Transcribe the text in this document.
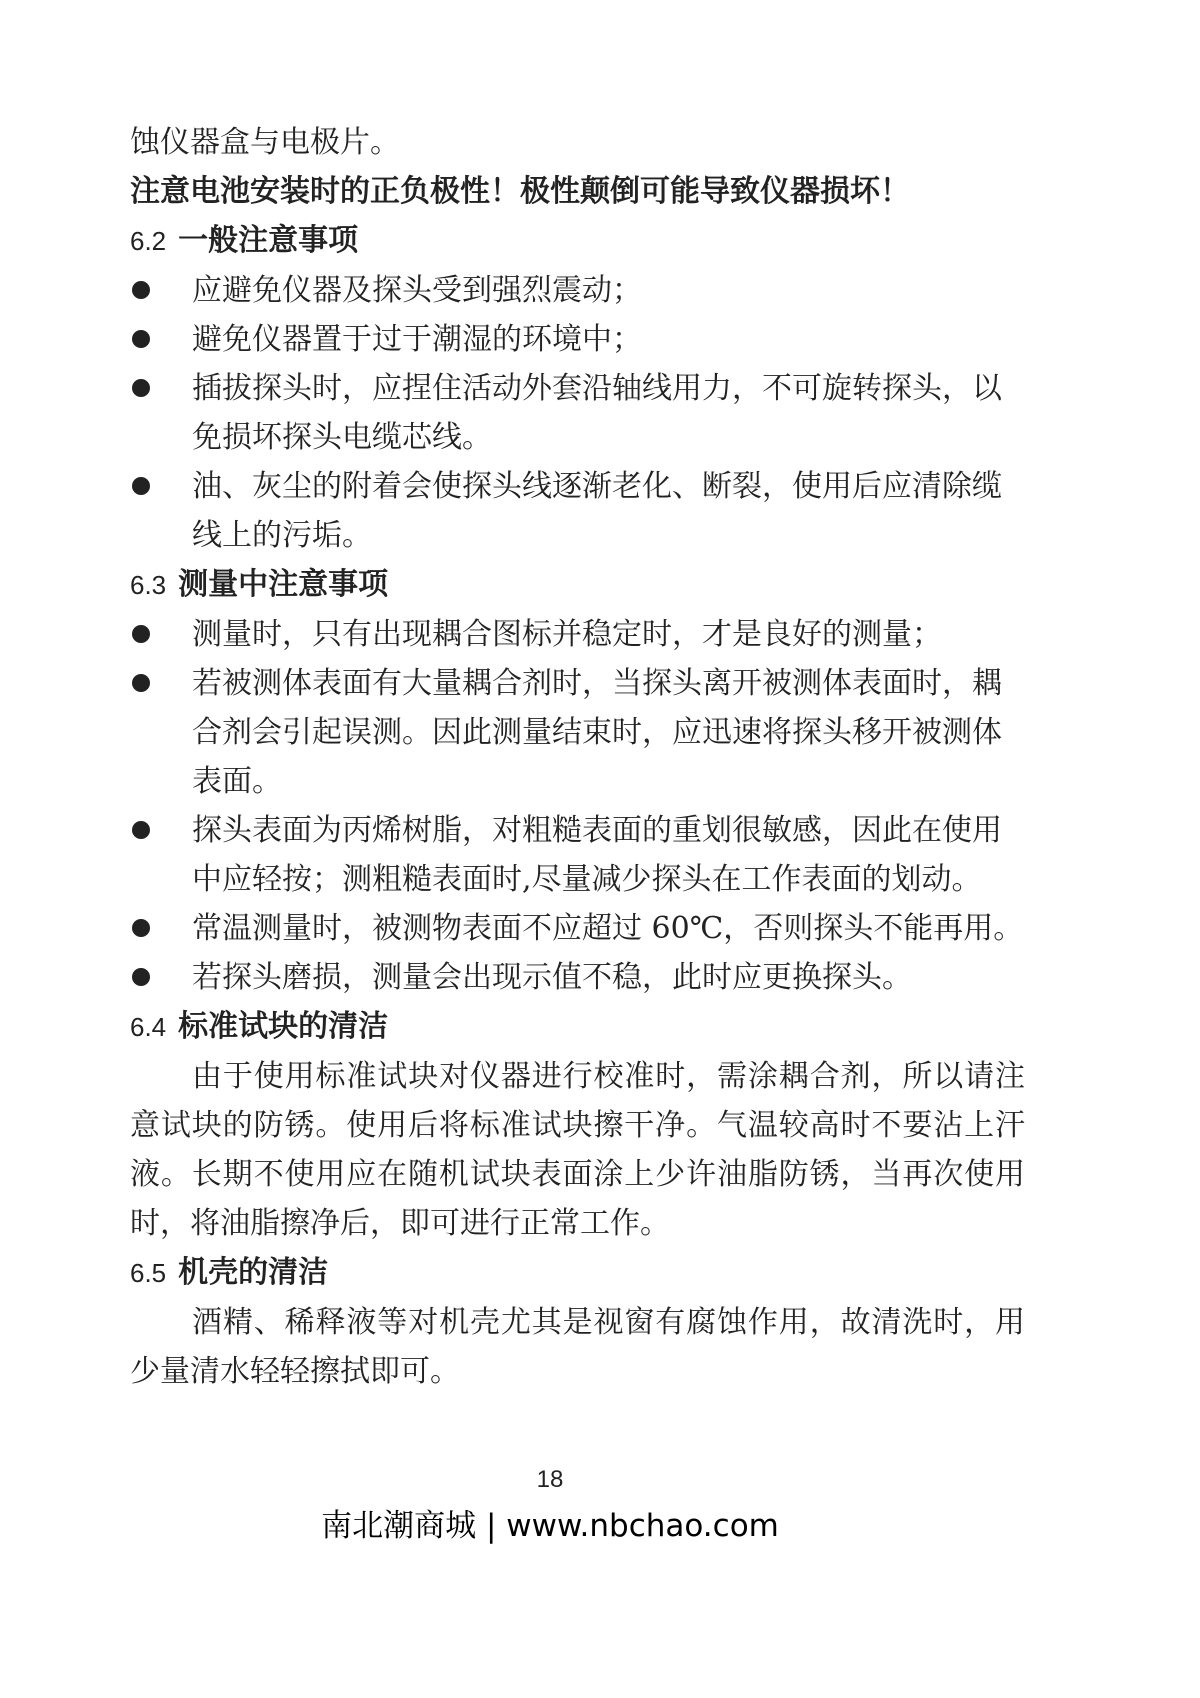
蚀仪器盒与电极片。

注意电池安装时的正负极性！极性颠倒可能导致仪器损坏！

6.2 一般注意事项

应避免仪器及探头受到强烈震动；
避免仪器置于过于潮湿的环境中；
插拔探头时，应捏住活动外套沿轴线用力，不可旋转探头，以免损坏探头电缆芯线。
油、灰尘的附着会使探头线逐渐老化、断裂，使用后应清除缆线上的污垢。

6.3 测量中注意事项

测量时，只有出现耦合图标并稳定时，才是良好的测量；
若被测体表面有大量耦合剂时，当探头离开被测体表面时，耦合剂会引起误测。因此测量结束时，应迅速将探头移开被测体表面。
探头表面为丙烯树脂，对粗糙表面的重划很敏感，因此在使用中应轻按；测粗糙表面时,尽量减少探头在工作表面的划动。
常温测量时，被测物表面不应超过 60℃，否则探头不能再用。
若探头磨损，测量会出现示值不稳，此时应更换探头。

6.4 标准试块的清洁

由于使用标准试块对仪器进行校准时，需涂耦合剂，所以请注意试块的防锈。使用后将标准试块擦干净。气温较高时不要沾上汗液。长期不使用应在随机试块表面涂上少许油脂防锈，当再次使用时，将油脂擦净后，即可进行正常工作。

6.5 机壳的清洁

酒精、稀释液等对机壳尤其是视窗有腐蚀作用，故清洗时，用少量清水轻轻擦拭即可。

18
南北潮商城 | www.nbchao.com
